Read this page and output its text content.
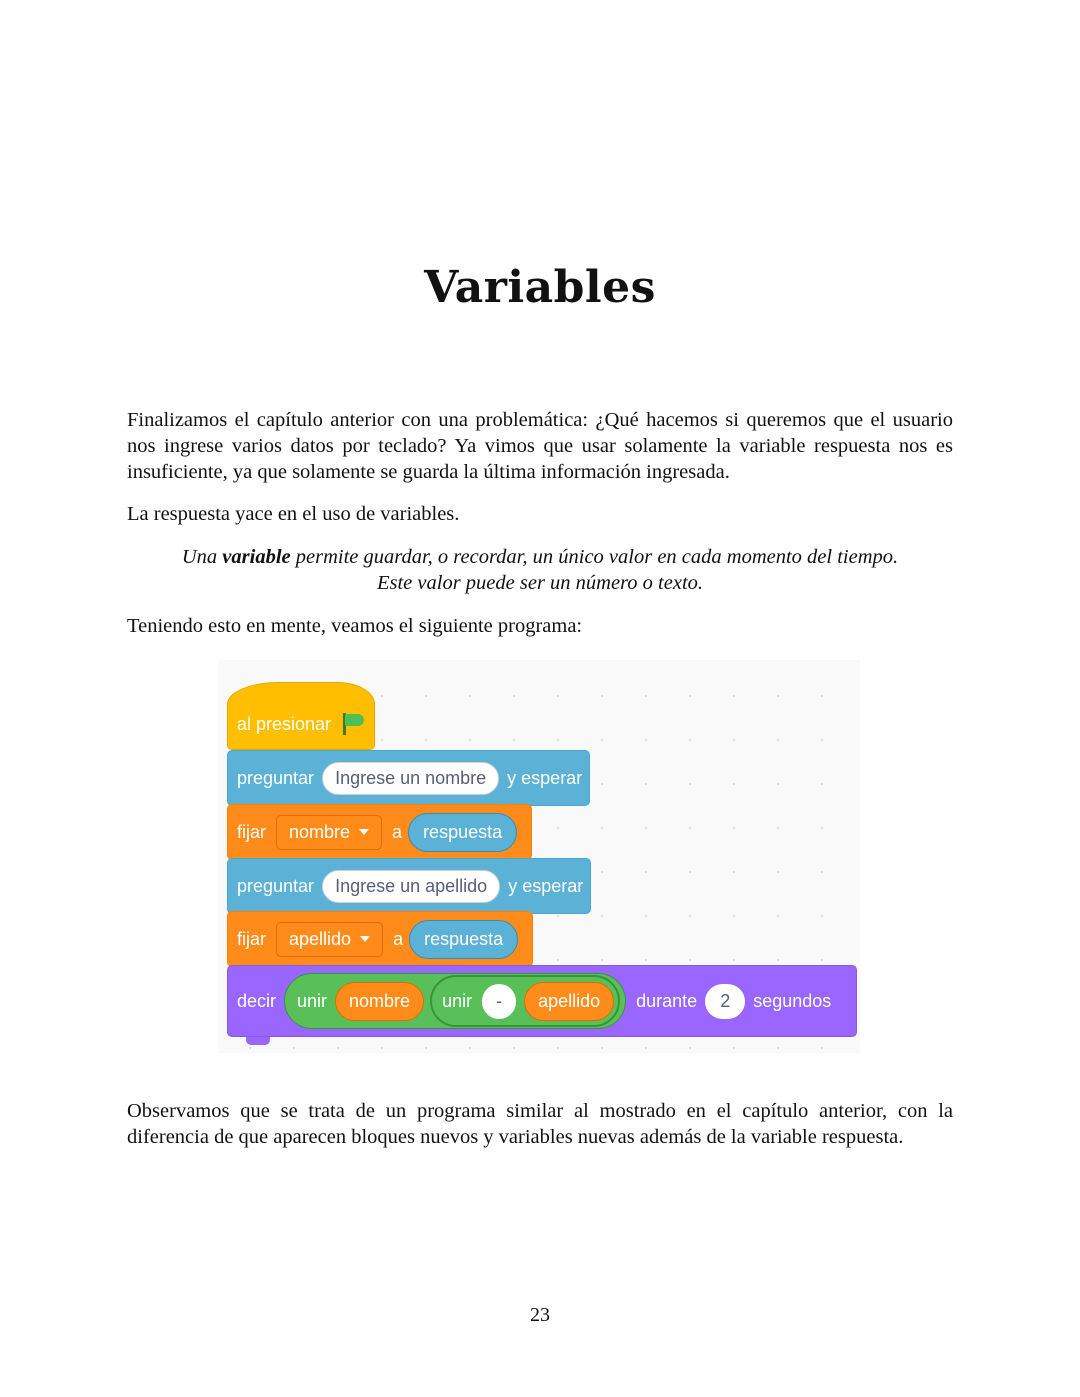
Variables

Finalizamos el capítulo anterior con una problemática: ¿Qué hacemos si queremos que el usuario nos ingrese varios datos por teclado? Ya vimos que usar solamente la variable respuesta nos es insuficiente, ya que solamente se guarda la última información ingresada.

La respuesta yace en el uso de variables.

Una variable permite guardar, o recordar, un único valor en cada momento del tiempo.
Este valor puede ser un número o texto.

Teniendo esto en mente, veamos el siguiente programa:

al presionar
preguntar	Ingrese un nombre	y esperar
fijar nombre a	respuesta
preguntar	Ingrese un apellido	y esperar
fijar apellido a	respuesta
decir unir	nombre	unir	-	apellido	durante	2	segundos

Observamos que se trata de un programa similar al mostrado en el capítulo anterior, con la diferencia de que aparecen bloques nuevos y variables nuevas además de la variable respuesta.

23
